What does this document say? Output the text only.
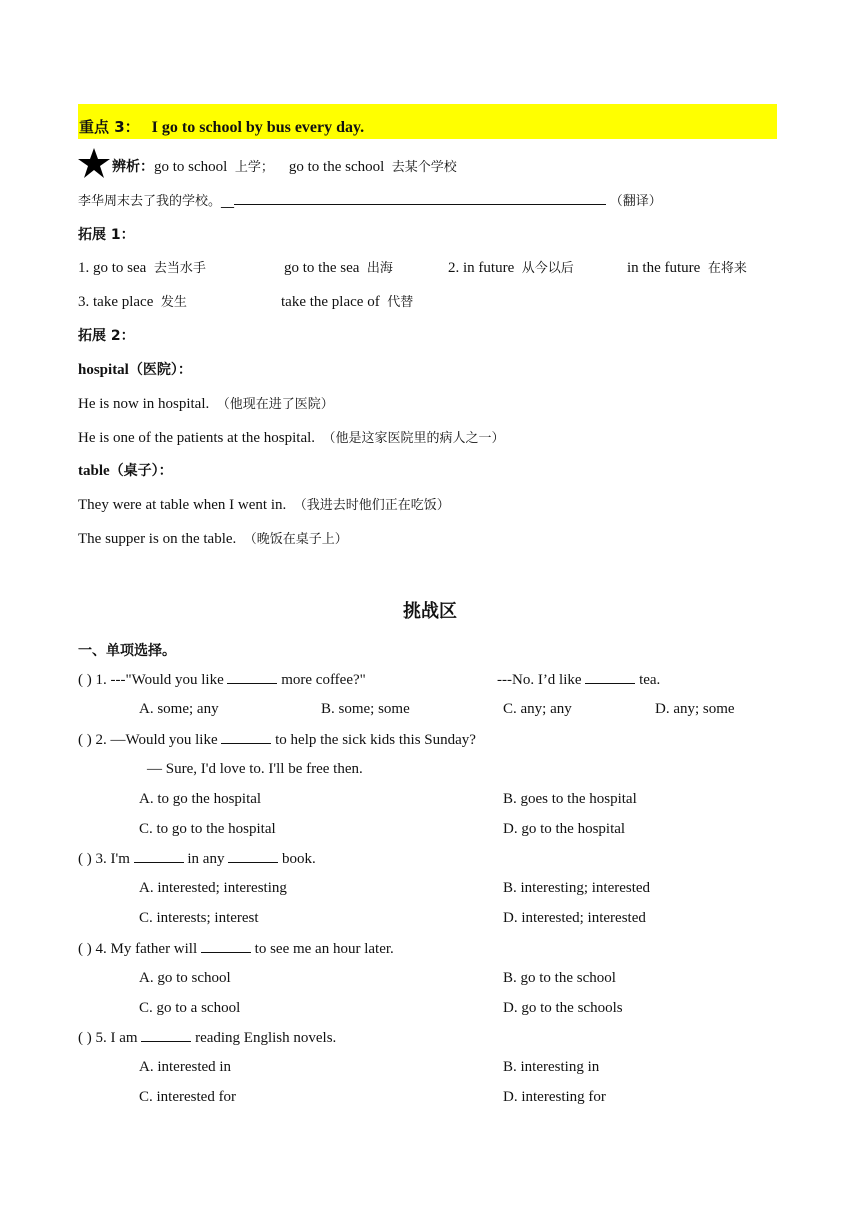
重点 3： I go to school by bus every day.
辨析：go to school 上学； go to the school 去某个学校
李华周末去了我的学校。__	（翻译）
拓展 1：
1. go to sea 去当水手	go to the sea 出海	2. in future 从今以后	in the future 在将来
3. take place 发生	take the place of 代替
拓展 2：
hospital（医院）：
He is now in hospital. （他现在进了医院）
He is one of the patients at the hospital. （他是这家医院里的病人之一）
table（桌子）：
They were at table when I went in. （我进去时他们正在吃饭）
The supper is on the table. （晚饭在桌子上）
挑战区
一、单项选择。
( ) 1. ---"Would you like	more coffee?"	---No. I’d like	tea.
A. some; any	B. some; some	C. any; any	D. any; some
( ) 2. —Would you like	to help the sick kids this Sunday?
— Sure, I'd love to. I'll be free then.
A. to go the hospital	B. goes to the hospital
C. to go to the hospital	D. go to the hospital
( ) 3. I'm	in any	book.
A. interested; interesting	B. interesting; interested
C. interests; interest	D. interested; interested
( ) 4. My father will	to see me an hour later.
A. go to school	B. go to the school
C. go to a school	D. go to the schools
( ) 5. I am	reading English novels.
A. interested in	B. interesting in
C. interested for	D. interesting for
